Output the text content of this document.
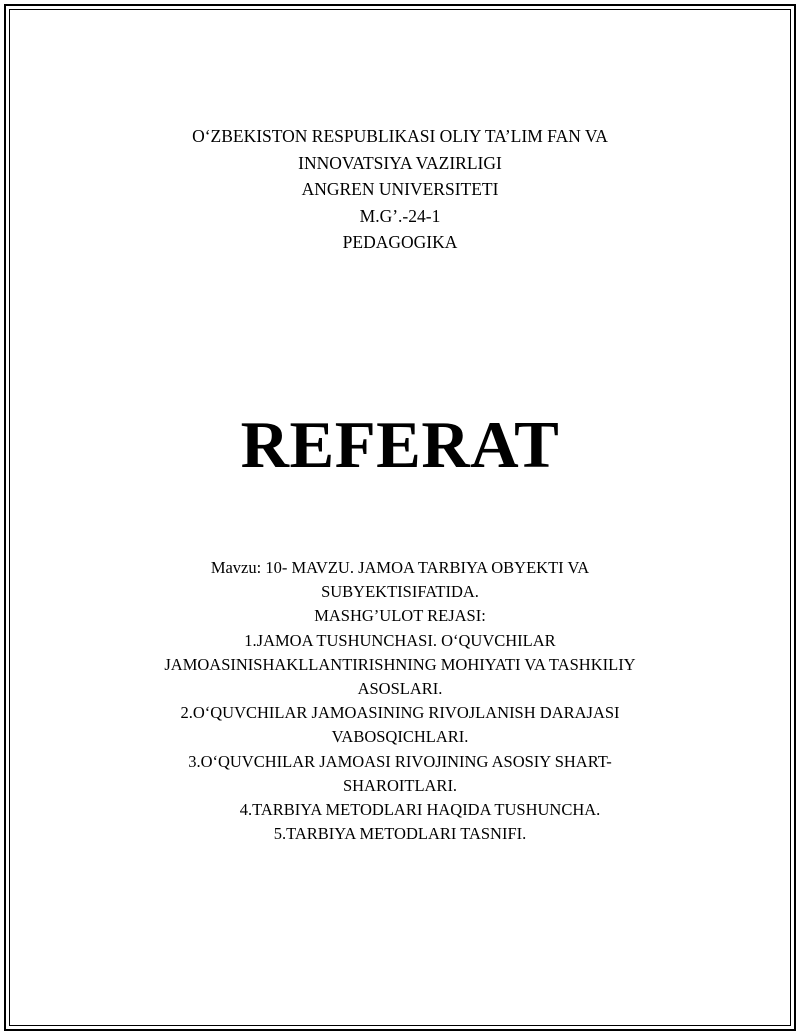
O‘ZBEKISTON RESPUBLIKASI OLIY TA’LIM FAN VA
INNOVATSIYA VAZIRLIGI
ANGREN UNIVERSITETI
M.G’.-24-1
PEDAGOGIKA
REFERAT
Mavzu: 10- MAVZU. JAMOA TARBIYA OBYEKTI VA
SUBYEKTISIFATIDA.
MASHG’ULOT REJASI:
1.JAMOA TUSHUNCHASI. O‘QUVCHILAR
JAMOASINISHAKLLANTIRISHNING MOHIYATI VA TASHKILIY
ASOSLARI.
2.O‘QUVCHILAR JAMOASINING RIVOJLANISH DARAJASI
VABOSQICHLARI.
3.O‘QUVCHILAR JAMOASI RIVOJINING ASOSIY SHART-
SHAROITLARI.
4.TARBIYA METODLARI HAQIDA TUSHUNCHA.
5.TARBIYA METODLARI TASNIFI.
